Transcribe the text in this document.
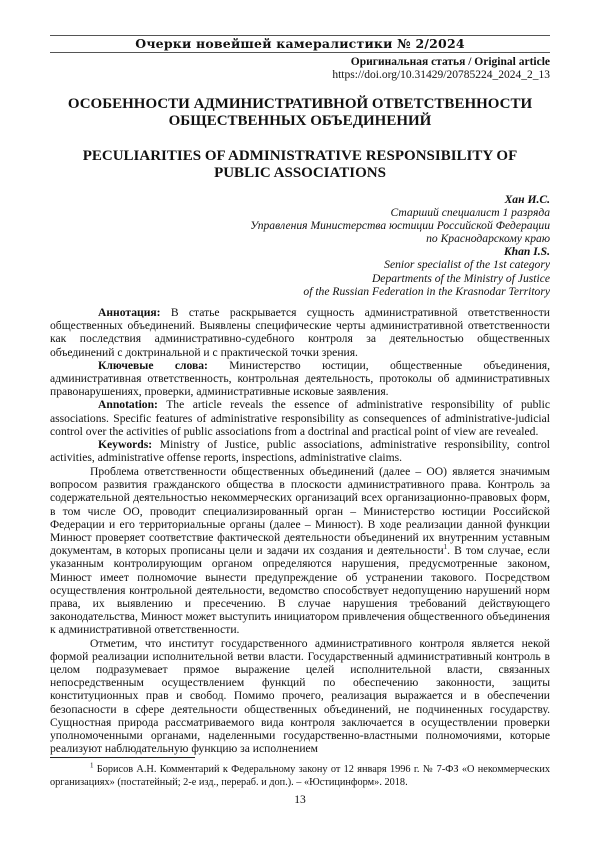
Очерки новейшей камералистики № 2/2024
Оригинальная статья / Original article
https://doi.org/10.31429/20785224_2024_2_13
ОСОБЕННОСТИ АДМИНИСТРАТИВНОЙ ОТВЕТСТВЕННОСТИ
ОБЩЕСТВЕННЫХ ОБЪЕДИНЕНИЙ
PECULIARITIES OF ADMINISTRATIVE RESPONSIBILITY OF
PUBLIC ASSOCIATIONS
Хан И.С.
Старший специалист 1 разряда
Управления Министерства юстиции Российской Федерации
по Краснодарскому краю
Khan I.S.
Senior specialist of the 1st category
Departments of the Ministry of Justice
of the Russian Federation in the Krasnodar Territory

Аннотация: В статье раскрывается сущность административной ответственности общественных объединений. Выявлены специфические черты административной ответственности как последствия административно-судебного контроля за деятельностью общественных объединений с доктринальной и с практической точки зрения.

Ключевые слова: Министерство юстиции, общественные объединения, административная ответственность, контрольная деятельность, протоколы об административных правонарушениях, проверки, административные исковые заявления.

Annotation: The article reveals the essence of administrative responsibility of public associations. Specific features of administrative responsibility as consequences of administrative-judicial control over the activities of public associations from a doctrinal and practical point of view are revealed.

Keywords: Ministry of Justice, public associations, administrative responsibility, control activities, administrative offense reports, inspections, administrative claims.

Проблема ответственности общественных объединений (далее – ОО) является значимым вопросом развития гражданского общества в плоскости административного права. Контроль за содержательной деятельностью некоммерческих организаций всех организационно-правовых форм, в том числе ОО, проводит специализированный орган – Министерство юстиции Российской Федерации и его территориальные органы (далее – Минюст). В ходе реализации данной функции Минюст проверяет соответствие фактической деятельности объединений их внутренним уставным документам, в которых прописаны цели и задачи их создания и деятельности1. В том случае, если указанным контролирующим органом определяются нарушения, предусмотренные законом, Минюст имеет полномочие вынести предупреждение об устранении такового. Посредством осуществления контрольной деятельности, ведомство способствует недопущению нарушений норм права, их выявлению и пресечению. В случае нарушения требований действующего законодательства, Минюст может выступить инициатором привлечения общественного объединения к административной ответственности.

Отметим, что институт государственного административного контроля является некой формой реализации исполнительной ветви власти. Государственный административный контроль в целом подразумевает прямое выражение целей исполнительной власти, связанных непосредственным осуществлением функций по обеспечению законности, защиты конституционных прав и свобод. Помимо прочего, реализация выражается и в обеспечении безопасности в сфере деятельности общественных объединений, не подчиненных государству. Сущностная природа рассматриваемого вида контроля заключается в осуществлении проверки уполномоченными органами, наделенными государственно-властными полномочиями, которые реализуют наблюдательную функцию за исполнением

1 Борисов А.Н. Комментарий к Федеральному закону от 12 января 1996 г. № 7-ФЗ «О некоммерческих организациях» (постатейный; 2-е изд., перераб. и доп.). – «Юстицинформ». 2018.

13
